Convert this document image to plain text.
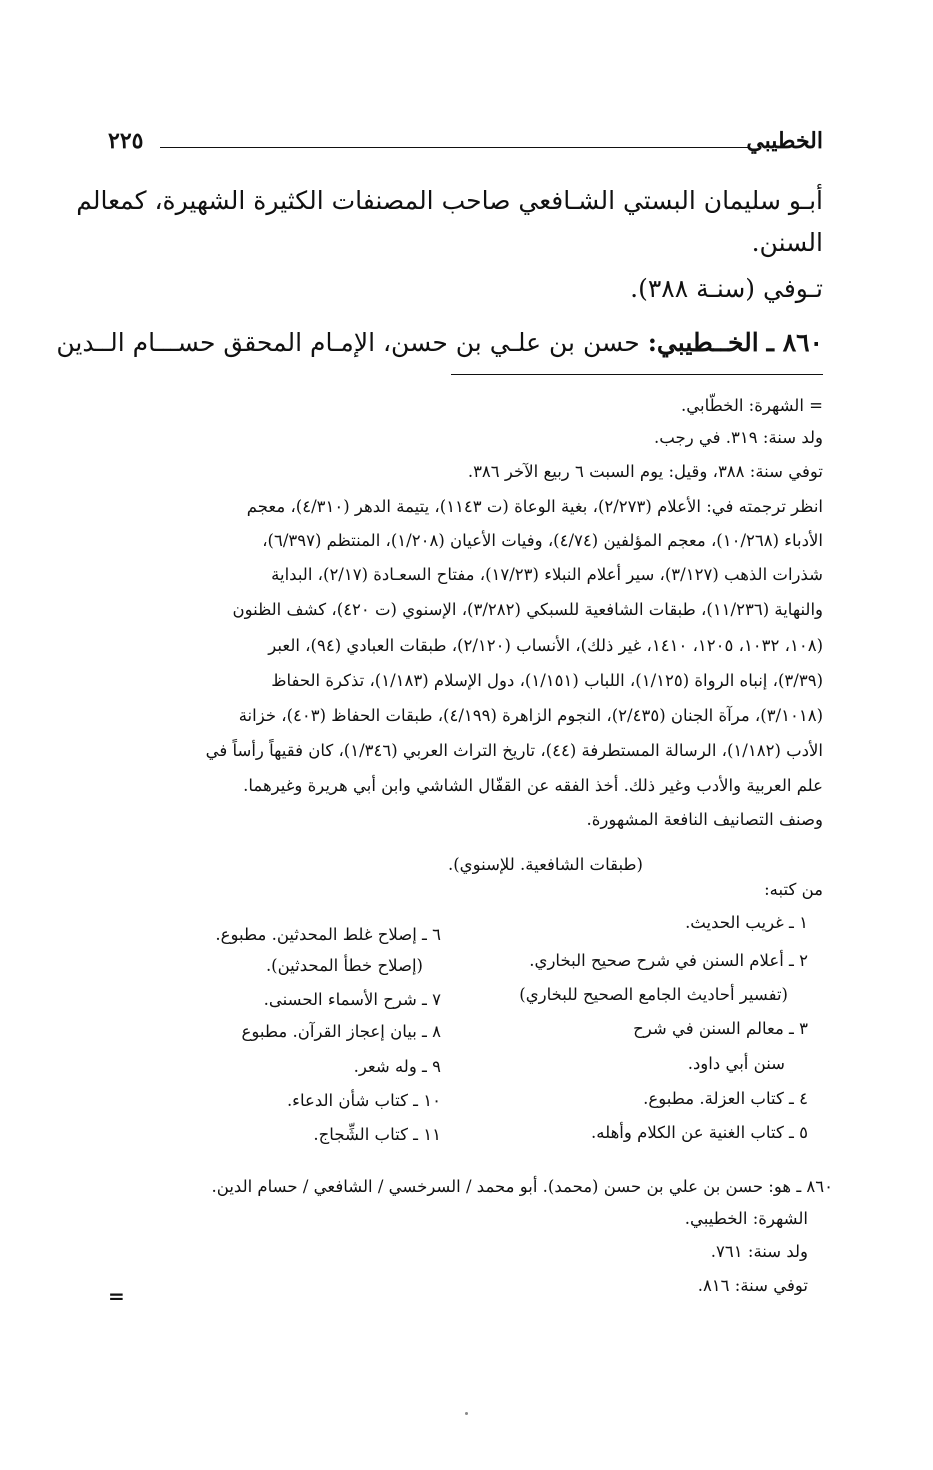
الخطيبي
٢٢٥
أبـو سليمان البستي الشـافعي صاحب المصنفات الكثيرة الشهيرة، كمعالم
السنن.
تـوفي (سنـة ٣٨٨).
٨٦٠ ـ الخــطيبي: حسن بن علـي بن حسن، الإمـام المحقق حســـام الــدين
= الشهرة: الخطّابي.
ولد سنة: ٣١٩. في رجب.
توفي سنة: ٣٨٨، وقيل: يوم السبت ٦ ربيع الآخر ٣٨٦.
انظر ترجمته في: الأعلام (٢/٢٧٣)، بغية الوعاة (ت ١١٤٣)، يتيمة الدهر (٤/٣١٠)، معجم
الأدباء (١٠/٢٦٨)، معجم المؤلفين (٤/٧٤)، وفيات الأعيان (١/٢٠٨)، المنتظم (٦/٣٩٧)،
شذرات الذهب (٣/١٢٧)، سير أعلام النبلاء (١٧/٢٣)، مفتاح السعـادة (٢/١٧)، البداية
والنهاية (١١/٢٣٦)، طبقات الشافعية للسبكي (٣/٢٨٢)، الإسنوي (ت ٤٢٠)، كشف الظنون
(١٠٨، ١٠٣٢، ١٢٠٥، ١٤١٠، غير ذلك)، الأنساب (٢/١٢٠)، طبقات العبادي (٩٤)، العبر
(٣/٣٩)، إنباه الرواة (١/١٢٥)، اللباب (١/١٥١)، دول الإسلام (١/١٨٣)، تذكرة الحفاظ
(٣/١٠١٨)، مرآة الجنان (٢/٤٣٥)، النجوم الزاهرة (٤/١٩٩)، طبقات الحفاظ (٤٠٣)، خزانة
الأدب (١/١٨٢)، الرسالة المستطرفة (٤٤)، تاريخ التراث العربي (١/٣٤٦)، كان فقيهاً رأساً في
علم العربية والأدب وغير ذلك. أخذ الفقه عن القفّال الشاشي وابن أبي هريرة وغيرهما.
وصنف التصانيف النافعة المشهورة.
(طبقات الشافعية. للإسنوي).
من كتبه:
١ ـ غريب الحديث.
٢ ـ أعلام السنن في شرح صحيح البخاري.
(تفسير أحاديث الجامع الصحيح للبخاري)
٣ ـ معالم السنن في شرح
سنن أبي داود.
٤ ـ كتاب العزلة. مطبوع.
٥ ـ كتاب الغنية عن الكلام وأهله.
٦ ـ إصلاح غلط المحدثين. مطبوع.
(إصلاح خطأ المحدثين).
٧ ـ شرح الأسماء الحسنى.
٨ ـ بيان إعجاز القرآن. مطبوع
٩ ـ وله شعر.
١٠ ـ كتاب شأن الدعاء.
١١ ـ كتاب الشِّجاج.
٨٦٠ ـ هو: حسن بن علي بن حسن (محمد). أبو محمد / السرخسي / الشافعي / حسام الدين.
الشهرة: الخطيبي.
ولد سنة: ٧٦١.
توفي سنة: ٨١٦.
=
